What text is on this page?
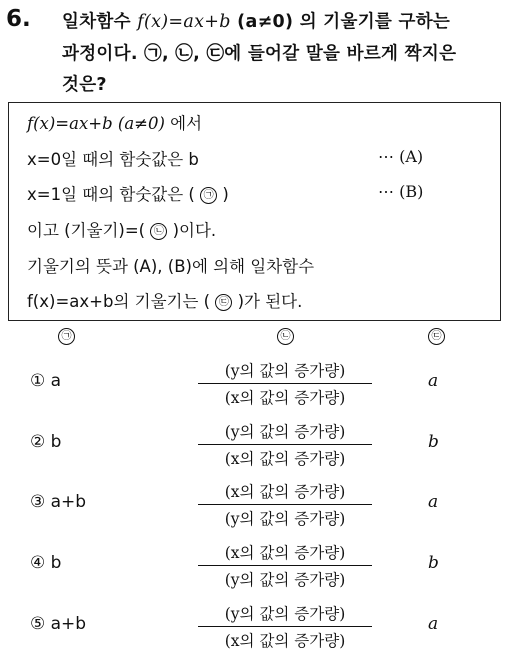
6. 일차함수 f(x)=ax+b (a≠0) 의 기울기를 구하는
과정이다. ㉠, ㉡, ㉢에 들어갈 말을 바르게 짝지은
것은?
f(x)=ax+b (a≠0) 에서
x=0일 때의 함숫값은 b	⋯ (A)
x=1일 때의 함숫값은 ( ㉠ )	⋯ (B)
이고 (기울기)=( ㉡ )이다.
기울기의 뜻과 (A), (B)에 의해 일차함수
f(x)=ax+b의 기울기는 ( ㉢ )가 된다.
㉠	㉡	㉢
① a	(y의 값의 증가량)
(x의 값의 증가량)
a
② b	(y의 값의 증가량)
(x의 값의 증가량)
b
③ a+b	(x의 값의 증가량)
(y의 값의 증가량)
a
④ b	(x의 값의 증가량)
(y의 값의 증가량)
b
⑤ a+b	(y의 값의 증가량)
(x의 값의 증가량)
a
